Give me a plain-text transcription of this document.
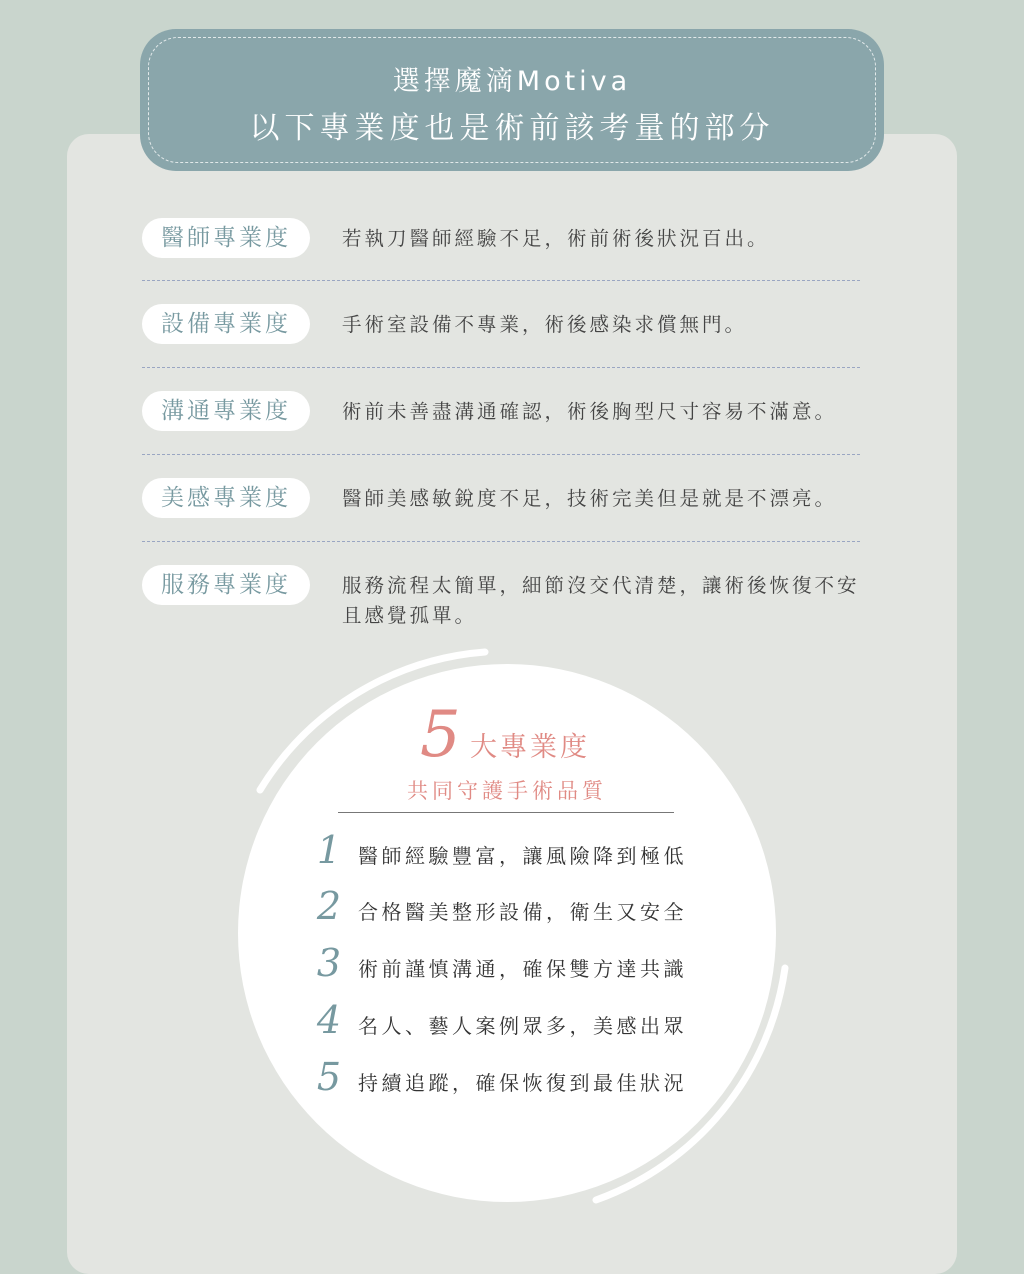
選擇魔滴Motiva
以下專業度也是術前該考量的部分
醫師專業度	若執刀醫師經驗不足，術前術後狀況百出。
設備專業度	手術室設備不專業，術後感染求償無門。
溝通專業度	術前未善盡溝通確認，術後胸型尺寸容易不滿意。
美感專業度	醫師美感敏銳度不足，技術完美但是就是不漂亮。
服務專業度	服務流程太簡單，細節沒交代清楚，讓術後恢復不安且感覺孤單。
5 大專業度
共同守護手術品質
1 醫師經驗豐富，讓風險降到極低
2 合格醫美整形設備，衛生又安全
3 術前謹慎溝通，確保雙方達共識
4 名人、藝人案例眾多，美感出眾
5 持續追蹤，確保恢復到最佳狀況
